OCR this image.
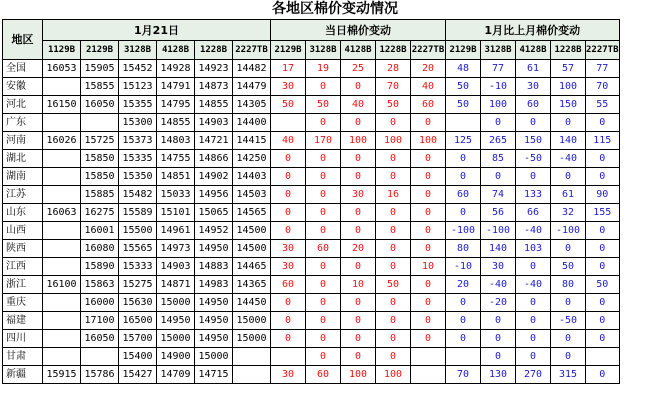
各地区棉价变动情况
地区	1月21日						当日棉价变动					1月比上月棉价变动				
	1129B	2129B	3128B	4128B	1228B	2227TB	2129B	3128B	4128B	1228B	2227TB	2129B	3128B	4128B	1228B	2227TB
全国	16053	15905	15452	14928	14923	14482	17	19	25	28	20	48	77	61	57	77
安徽		15855	15123	14791	14873	14479	30	0	0	70	40	50	-10	30	100	70
河北	16150	16050	15355	14795	14855	14305	50	50	40	50	60	50	100	60	150	55
广东			15300	14855	14903	14400		0	0	0	0		0	0	0	0
河南	16026	15725	15373	14803	14721	14415	40	170	100	100	100	125	265	150	140	115
湖北		15850	15335	14755	14866	14250	0	0	0	0	0	0	85	-50	-40	0
湖南		15850	15350	14851	14902	14403	0	0	0	0	0	0	0	0	0	0
江苏		15885	15482	15033	14956	14503	0	0	30	16	0	60	74	133	61	90
山东	16063	16275	15589	15101	15065	14565	0	0	0	0	0	0	56	66	32	155
山西		16001	15500	14961	14952	14500	0	0	0	0	0	-100	-100	-40	-100	0
陕西		16080	15565	14973	14950	14500	30	60	20	0	0	80	140	103	0	0
江西		15890	15333	14903	14883	14465	30	0	0	0	10	-10	30	0	50	0
浙江	16100	15863	15275	14871	14983	14365	60	0	10	50	0	20	-40	-40	80	50
重庆		16000	15630	15000	14950	14450	0	0	0	0	0	0	-20	0	0	0
福建		17100	16500	14950	14950	15000	0	0	0	0	0	0	0	0	-50	0
四川		16050	15700	15000	14950	15000	0	0	0	0	0	0	0	0	0	0
甘肃			15400	14900	15000			0	0	0			0	0	0	
新疆	15915	15786	15427	14709	14715		30	60	100	100		70	130	270	315	0
